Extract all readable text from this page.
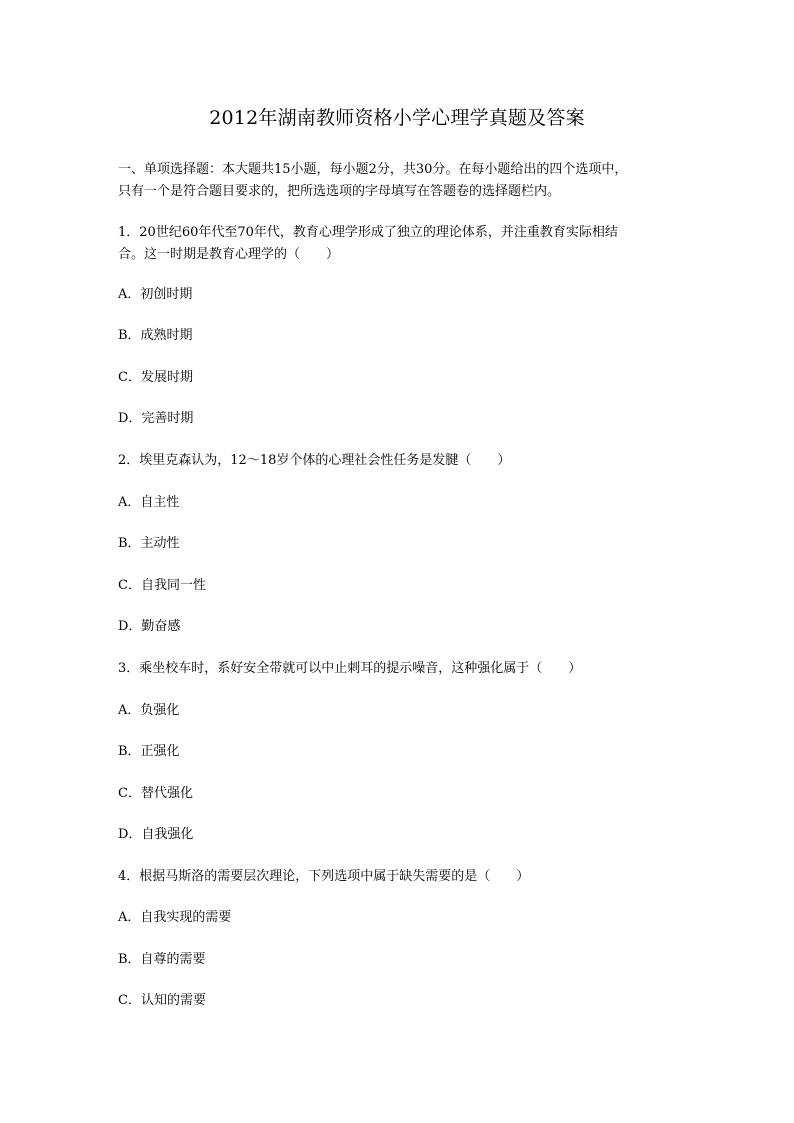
2012年湖南教师资格小学心理学真题及答案
一、单项选择题：本大题共15小题，每小题2分，共30分。在每小题给出的四个选项中，
只有一个是符合题目要求的，把所选选项的字母填写在答题卷的选择题栏内。
1．20世纪60年代至70年代，教育心理学形成了独立的理论体系，并注重教育实际相结
合。这一时期是教育心理学的（　　）
A．初创时期
B．成熟时期
C．发展时期
D．完善时期
2．埃里克森认为，12～18岁个体的心理社会性任务是发腱（　　）
A．自主性
B．主动性
C．自我同一性
D．勤奋感
3．乘坐校车时，系好安全带就可以中止刺耳的提示噪音，这种强化属于（　　）
A．负强化
B．正强化
C．替代强化
D．自我强化
4．根据马斯洛的需要层次理论，下列选项中属于缺失需要的是（　　）
A．自我实现的需要
B．自尊的需要
C．认知的需要
